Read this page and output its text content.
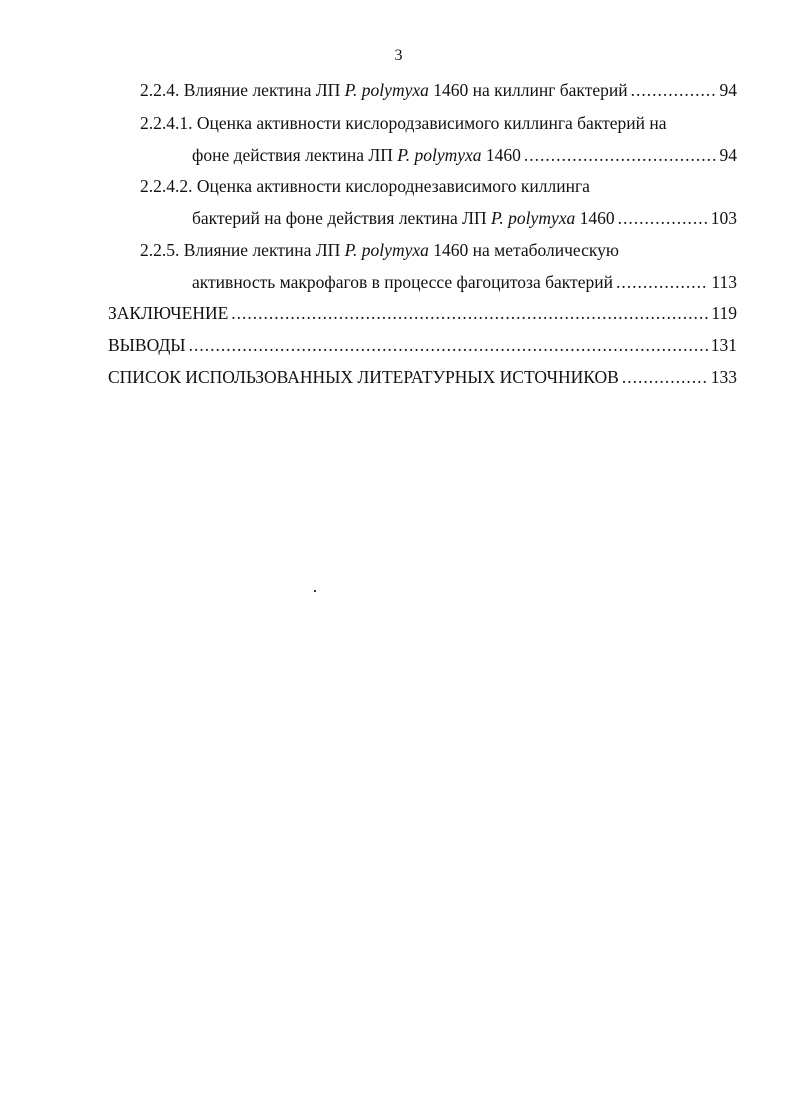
3
2.2.4. Влияние лектина ЛП P. polymyxa 1460 на киллинг бактерий .....	94
2.2.4.1. Оценка активности кислородзависимого киллинга бактерий на
фоне действия лектина ЛП P. polymyxa 1460 .....	94
2.2.4.2. Оценка активности кислороднезависимого киллинга
бактерий на фоне действия лектина ЛП P. polymyxa 1460 .....	103
2.2.5. Влияние лектина ЛП P. polymyxa 1460 на метаболическую
активность макрофагов в процессе фагоцитоза бактерий .....	113
ЗАКЛЮЧЕНИЕ .....	119
ВЫВОДЫ .....	131
СПИСОК ИСПОЛЬЗОВАННЫХ ЛИТЕРАТУРНЫХ ИСТОЧНИКОВ .....	133
